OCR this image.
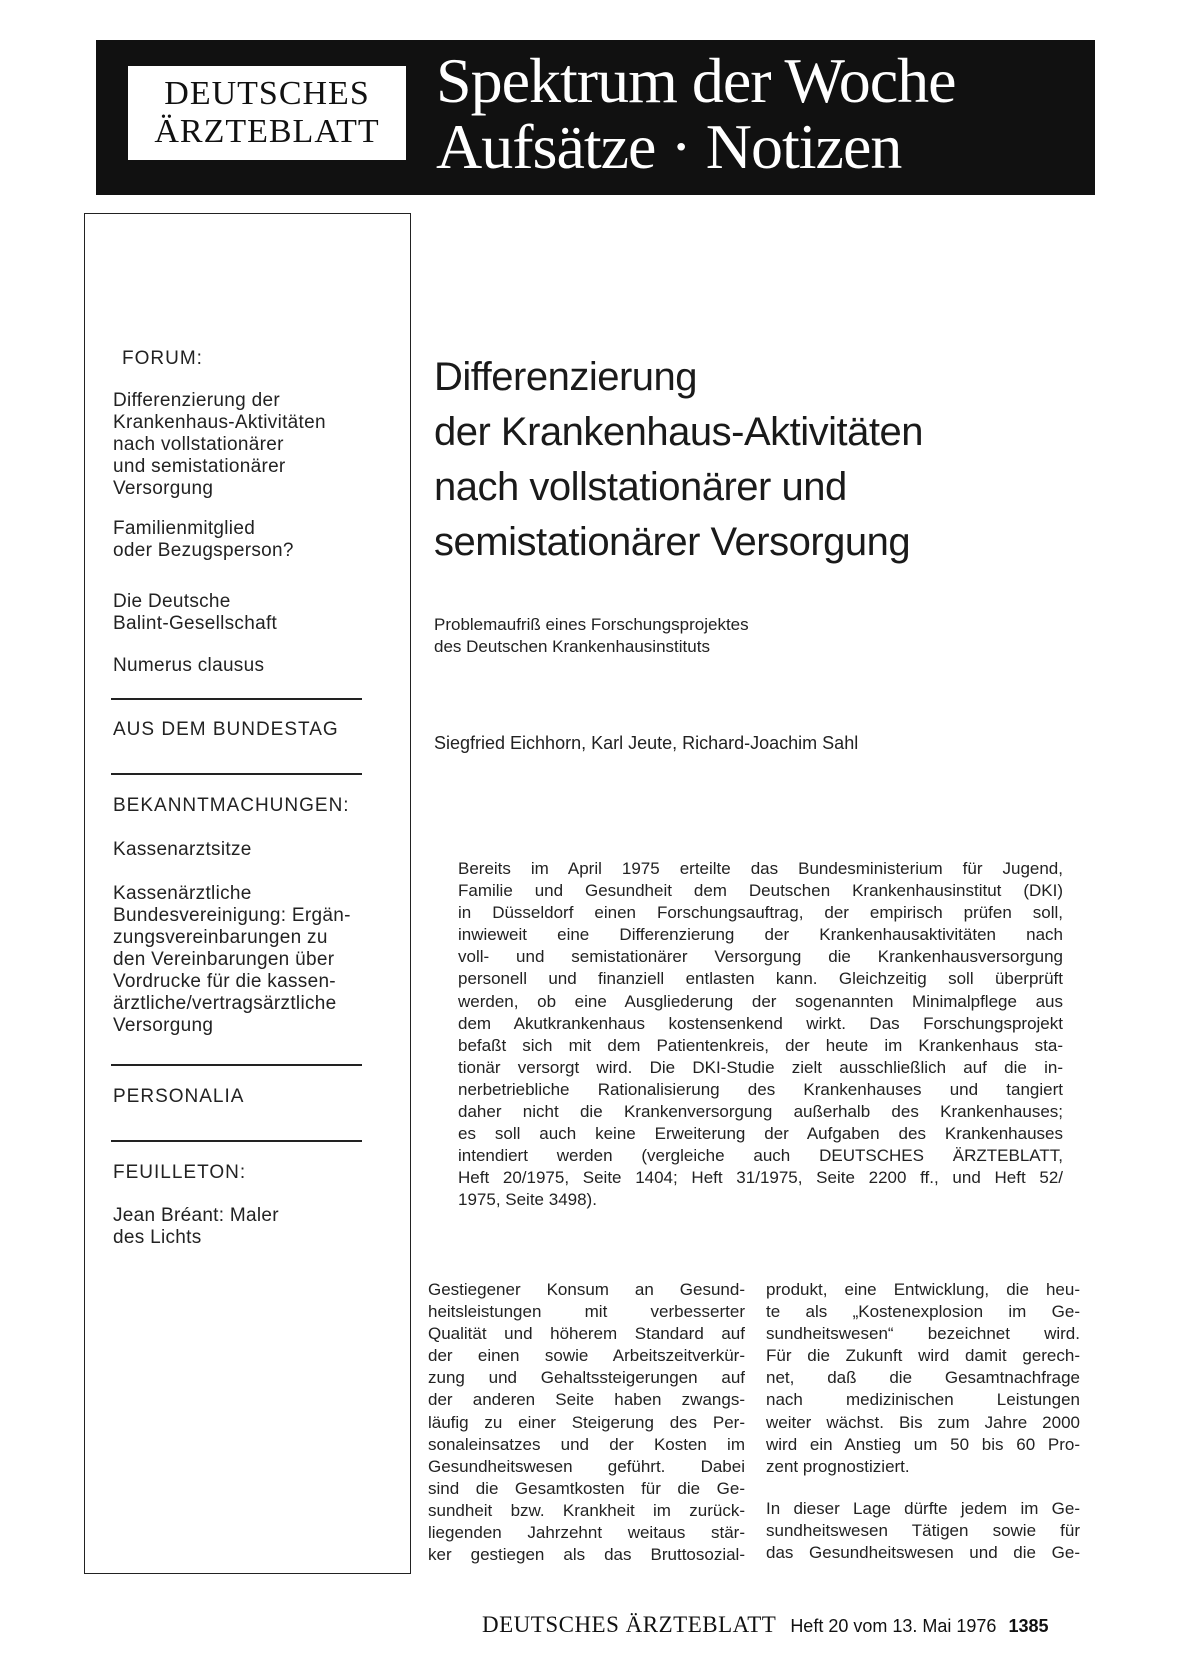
DEUTSCHES
ÄRZTEBLATT
Spektrum der Woche
Aufsätze · Notizen
FORUM:
Differenzierung der
Krankenhaus-Aktivitäten
nach vollstationärer
und semistationärer
Versorgung
Familienmitglied
oder Bezugsperson?
Die Deutsche
Balint-Gesellschaft
Numerus clausus
AUS DEM BUNDESTAG
BEKANNTMACHUNGEN:
Kassenarztsitze
Kassenärztliche
Bundesvereinigung: Ergän-
zungsvereinbarungen zu
den Vereinbarungen über
Vordrucke für die kassen-
ärztliche/vertragsärztliche
Versorgung
PERSONALIA
FEUILLETON:
Jean Bréant: Maler
des Lichts
Differenzierung
der Krankenhaus-Aktivitäten
nach vollstationärer und
semistationärer Versorgung
Problemaufriß eines Forschungsprojektes
des Deutschen Krankenhausinstituts
Siegfried Eichhorn, Karl Jeute, Richard-Joachim Sahl
Bereits im April 1975 erteilte das Bundesministerium für Jugend,
Familie und Gesundheit dem Deutschen Krankenhausinstitut (DKI)
in Düsseldorf einen Forschungsauftrag, der empirisch prüfen soll,
inwieweit eine Differenzierung der Krankenhausaktivitäten nach
voll- und semistationärer Versorgung die Krankenhausversorgung
personell und finanziell entlasten kann. Gleichzeitig soll überprüft
werden, ob eine Ausgliederung der sogenannten Minimalpflege aus
dem Akutkrankenhaus kostensenkend wirkt. Das Forschungsprojekt
befaßt sich mit dem Patientenkreis, der heute im Krankenhaus sta-
tionär versorgt wird. Die DKI-Studie zielt ausschließlich auf die in-
nerbetriebliche Rationalisierung des Krankenhauses und tangiert
daher nicht die Krankenversorgung außerhalb des Krankenhauses;
es soll auch keine Erweiterung der Aufgaben des Krankenhauses
intendiert werden (vergleiche auch DEUTSCHES ÄRZTEBLATT,
Heft 20/1975, Seite 1404; Heft 31/1975, Seite 2200 ff., und Heft 52/
1975, Seite 3498).
Gestiegener Konsum an Gesund-
heitsleistungen mit verbesserter
Qualität und höherem Standard auf
der einen sowie Arbeitszeitverkür-
zung und Gehaltssteigerungen auf
der anderen Seite haben zwangs-
läufig zu einer Steigerung des Per-
sonaleinsatzes und der Kosten im
Gesundheitswesen geführt. Dabei
sind die Gesamtkosten für die Ge-
sundheit bzw. Krankheit im zurück-
liegenden Jahrzehnt weitaus stär-
ker gestiegen als das Bruttosozial-
produkt, eine Entwicklung, die heu-
te als „Kostenexplosion im Ge-
sundheitswesen“ bezeichnet wird.
Für die Zukunft wird damit gerech-
net, daß die Gesamtnachfrage
nach medizinischen Leistungen
weiter wächst. Bis zum Jahre 2000
wird ein Anstieg um 50 bis 60 Pro-
zent prognostiziert.
In dieser Lage dürfte jedem im Ge-
sundheitswesen Tätigen sowie für
das Gesundheitswesen und die Ge-
DEUTSCHES ÄRZTEBLATT Heft 20 vom 13. Mai 1976 1385
